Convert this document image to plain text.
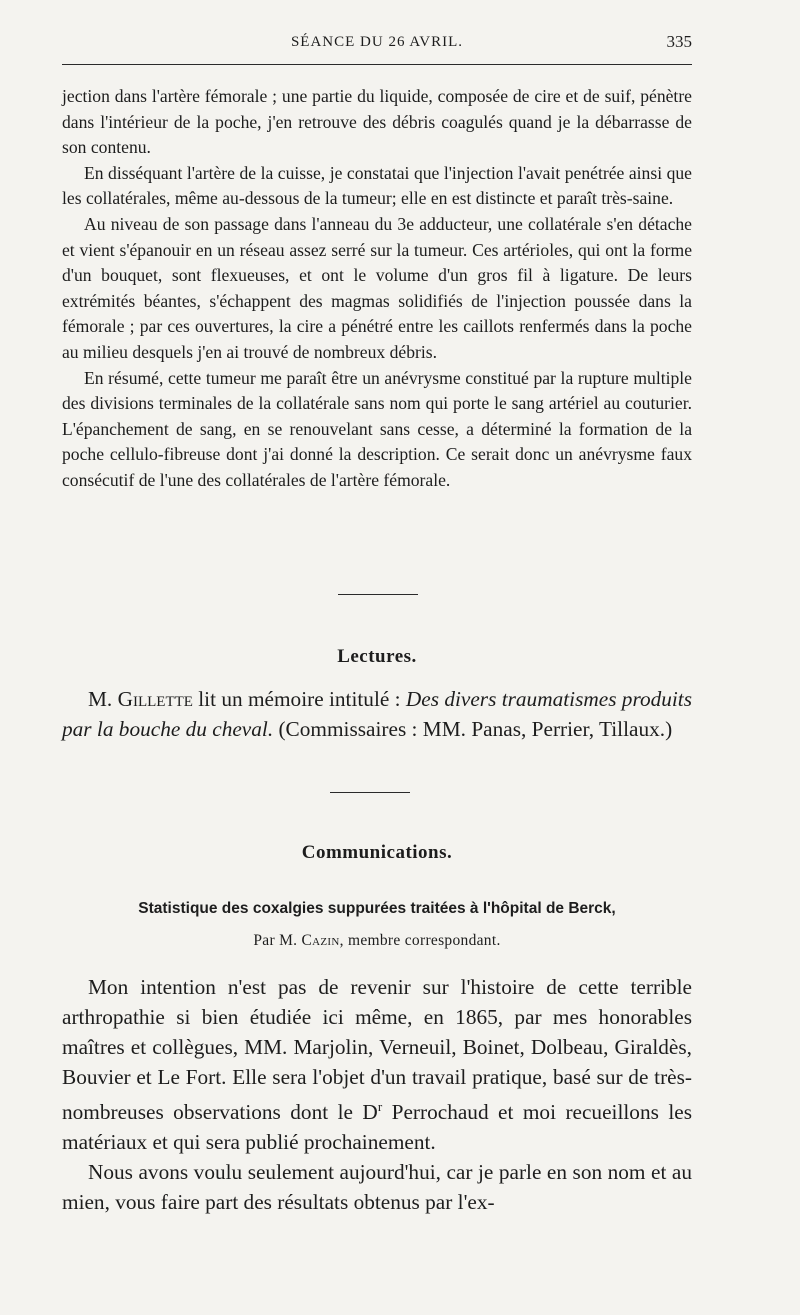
SÉANCE DU 26 AVRIL.	335

jection dans l'artère fémorale ; une partie du liquide, composée de cire et de suif, pénètre dans l'intérieur de la poche, j'en retrouve des débris coagulés quand je la débarrasse de son contenu.

En disséquant l'artère de la cuisse, je constatai que l'injection l'avait penétrée ainsi que les collatérales, même au-dessous de la tumeur; elle en est distincte et paraît très-saine.

Au niveau de son passage dans l'anneau du 3e adducteur, une collatérale s'en détache et vient s'épanouir en un réseau assez serré sur la tumeur. Ces artérioles, qui ont la forme d'un bouquet, sont flexueuses, et ont le volume d'un gros fil à ligature. De leurs extrémités béantes, s'échappent des magmas solidifiés de l'injection poussée dans la fémorale ; par ces ouvertures, la cire a pénétré entre les caillots renfermés dans la poche au milieu desquels j'en ai trouvé de nombreux débris.

En résumé, cette tumeur me paraît être un anévrysme constitué par la rupture multiple des divisions terminales de la collatérale sans nom qui porte le sang artériel au couturier. L'épanchement de sang, en se renouvelant sans cesse, a déterminé la formation de la poche cellulo-fibreuse dont j'ai donné la description. Ce serait donc un anévrysme faux consécutif de l'une des collatérales de l'artère fémorale.

Lectures.

M. Gillette lit un mémoire intitulé : Des divers traumatismes produits par la bouche du cheval. (Commissaires : MM. Panas, Perrier, Tillaux.)

Communications.
Statistique des coxalgies suppurées traitées à l'hôpital de Berck,
Par M. Cazin, membre correspondant.

Mon intention n'est pas de revenir sur l'histoire de cette terrible arthropathie si bien étudiée ici même, en 1865, par mes honorables maîtres et collègues, MM. Marjolin, Verneuil, Boinet, Dolbeau, Giraldès, Bouvier et Le Fort. Elle sera l'objet d'un travail pratique, basé sur de très-nombreuses observations dont le $D^r$ Perrochaud et moi recueillons les matériaux et qui sera publié prochainement.

Nous avons voulu seulement aujourd'hui, car je parle en son nom et au mien, vous faire part des résultats obtenus par l'ex-
